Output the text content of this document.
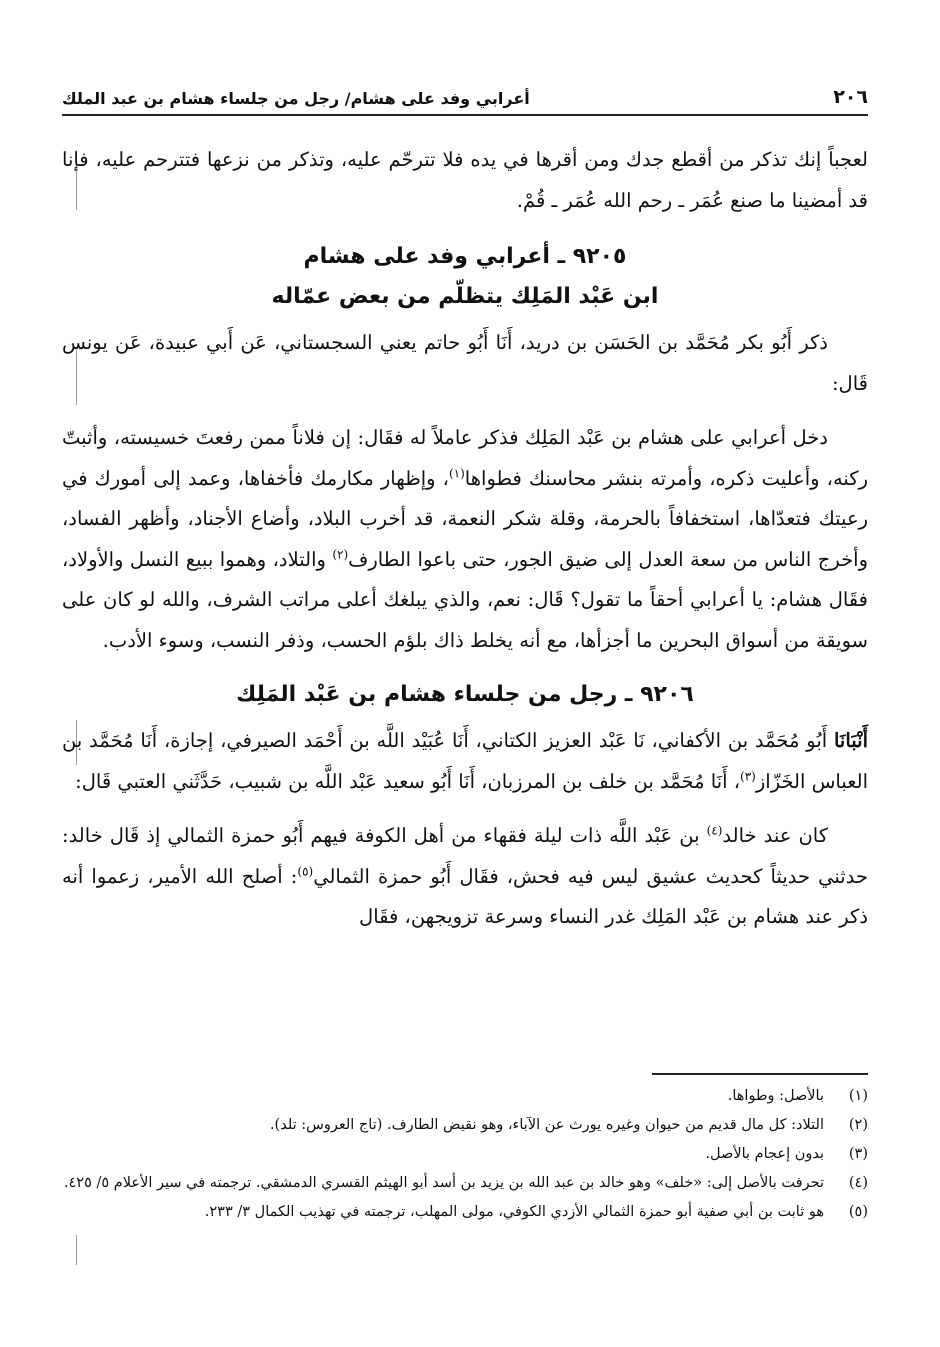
٢٠٦
أعرابي وفد على هشام/ رجل من جلساء هشام بن عبد الملك

لعجباً إنك تذكر من أقطع جدك ومن أقرها في يده فلا تترحّم عليه، وتذكر من نزعها فتترحم عليه، فإنا قد أمضينا ما صنع عُمَر ـ رحم الله عُمَر ـ قُمْ.

٩٢٠٥ ـ أعرابي وفد على هشام
ابن عَبْد المَلِك يتظلّم من بعض عمّاله

ذكر أَبُو بكر مُحَمَّد بن الحَسَن بن دريد، أَنَا أَبُو حاتم يعني السجستاني، عَن أَبي عبيدة، عَن يونس قَال:

دخل أعرابي على هشام بن عَبْد المَلِك فذكر عاملاً له فقَال: إن فلاناً ممن رفعتَ خسيسته، وأثبتّ ركنه، وأعليت ذكره، وأمرته بنشر محاسنك فطواها$^{(١)}$، وإظهار مكارمك فأخفاها، وعمد إلى أمورك في رعيتك فتعدّاها، استخفافاً بالحرمة، وقلة شكر النعمة، قد أخرب البلاد، وأضاع الأجناد، وأظهر الفساد، وأخرج الناس من سعة العدل إلى ضيق الجور، حتى باعوا الطارف$^{(٢)}$ والتلاد، وهموا ببيع النسل والأولاد، فقَال هشام: يا أعرابي أحقاً ما تقول؟ قَال: نعم، والذي يبلغك أعلى مراتب الشرف، والله لو كان على سويقة من أسواق البحرين ما أجزأها، مع أنه يخلط ذاك بلؤم الحسب، وذفر النسب، وسوء الأدب.

٩٢٠٦ ـ رجل من جلساء هشام بن عَبْد المَلِك

أَنْبَانَا أَبُو مُحَمَّد بن الأكفاني، نَا عَبْد العزيز الكتاني، أَنَا عُبَيْد اللَّه بن أَحْمَد الصيرفي، إجازة، أَنَا مُحَمَّد بن العباس الخَزّاز$^{(٣)}$، أَنَا مُحَمَّد بن خلف بن المرزبان، أَنَا أَبُو سعيد عَبْد اللَّه بن شبيب، حَدَّثَني العتبي قَال:

كان عند خالد$^{(٤)}$ بن عَبْد اللَّه ذات ليلة فقهاء من أهل الكوفة فيهم أَبُو حمزة الثمالي إذ قَال خالد: حدثني حديثاً كحديث عشيق ليس فيه فحش، فقَال أَبُو حمزة الثمالي$^{(٥)}$: أصلح الله الأمير، زعموا أنه ذكر عند هشام بن عَبْد المَلِك غدر النساء وسرعة تزويجهن، فقَال

(١)
بالأصل: وطواها.
(٢)
التلاد: كل مال قديم من حيوان وغيره يورث عن الآباء، وهو نقيض الطارف. (تاج العروس: تلد).
(٣)
بدون إعجام بالأصل.
(٤)
تحرفت بالأصل إلى: «خلف» وهو خالد بن عبد الله بن يزيد بن أسد أبو الهيثم القسري الدمشقي. ترجمته في سير الأعلام ٥/ ٤٢٥.
(٥)
هو ثابت بن أبي صفية أبو حمزة الثمالي الأزدي الكوفي، مولى المهلب، ترجمته في تهذيب الكمال ٣/ ٢٣٣.
